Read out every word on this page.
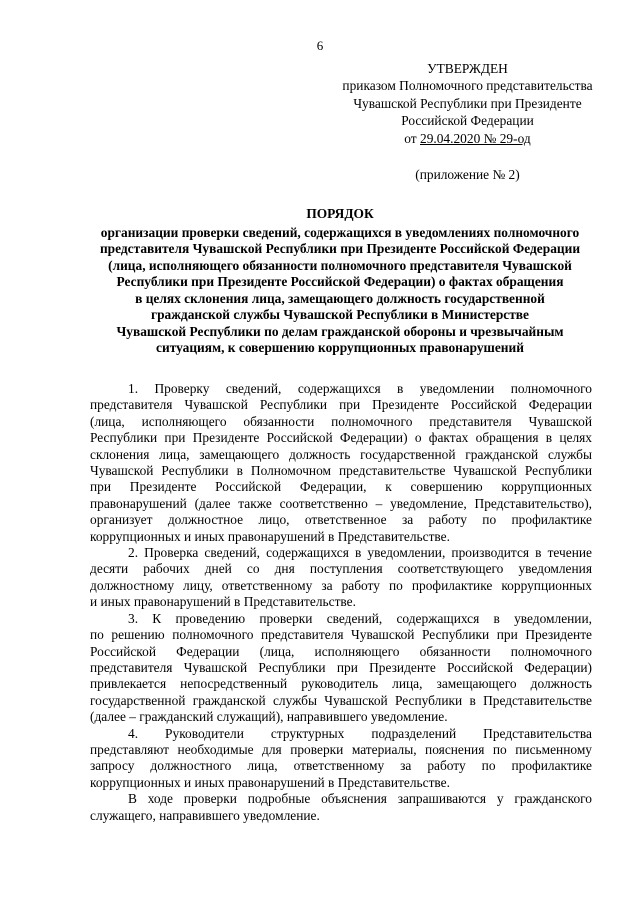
6
УТВЕРЖДЕН
приказом Полномочного представительства
Чувашской Республики при Президенте
Российской Федерации
от 29.04.2020 № 29-од
(приложение № 2)
ПОРЯДОК
организации проверки сведений, содержащихся в уведомлениях полномочного
представителя Чувашской Республики при Президенте Российской Федерации
(лица, исполняющего обязанности полномочного представителя Чувашской
Республики при Президенте Российской Федерации) о фактах обращения
в целях склонения лица, замещающего должность государственной
гражданской службы Чувашской Республики в Министерстве
Чувашской Республики по делам гражданской обороны и чрезвычайным
ситуациям, к совершению коррупционных правонарушений
1. Проверку сведений, содержащихся в уведомлении полномочного
представителя Чувашской Республики при Президенте Российской Федерации
(лица, исполняющего обязанности полномочного представителя Чувашской
Республики при Президенте Российской Федерации) о фактах обращения в целях
склонения лица, замещающего должность государственной гражданской службы
Чувашской Республики в Полномочном представительстве Чувашской Республики
при Президенте Российской Федерации, к совершению коррупционных
правонарушений (далее также соответственно – уведомление, Представительство),
организует должностное лицо, ответственное за работу по профилактике
коррупционных и иных правонарушений в Представительстве.
2. Проверка сведений, содержащихся в уведомлении, производится в течение
десяти рабочих дней со дня поступления соответствующего уведомления
должностному лицу, ответственному за работу по профилактике коррупционных
и иных правонарушений в Представительстве.
3. К проведению проверки сведений, содержащихся в уведомлении,
по решению полномочного представителя Чувашской Республики при Президенте
Российской Федерации (лица, исполняющего обязанности полномочного
представителя Чувашской Республики при Президенте Российской Федерации)
привлекается непосредственный руководитель лица, замещающего должность
государственной гражданской службы Чувашской Республики в Представительстве
(далее – гражданский служащий), направившего уведомление.
4. Руководители структурных подразделений Представительства
представляют необходимые для проверки материалы, пояснения по письменному
запросу должностного лица, ответственному за работу по профилактике
коррупционных и иных правонарушений в Представительстве.
В ходе проверки подробные объяснения запрашиваются у гражданского
служащего, направившего уведомление.
